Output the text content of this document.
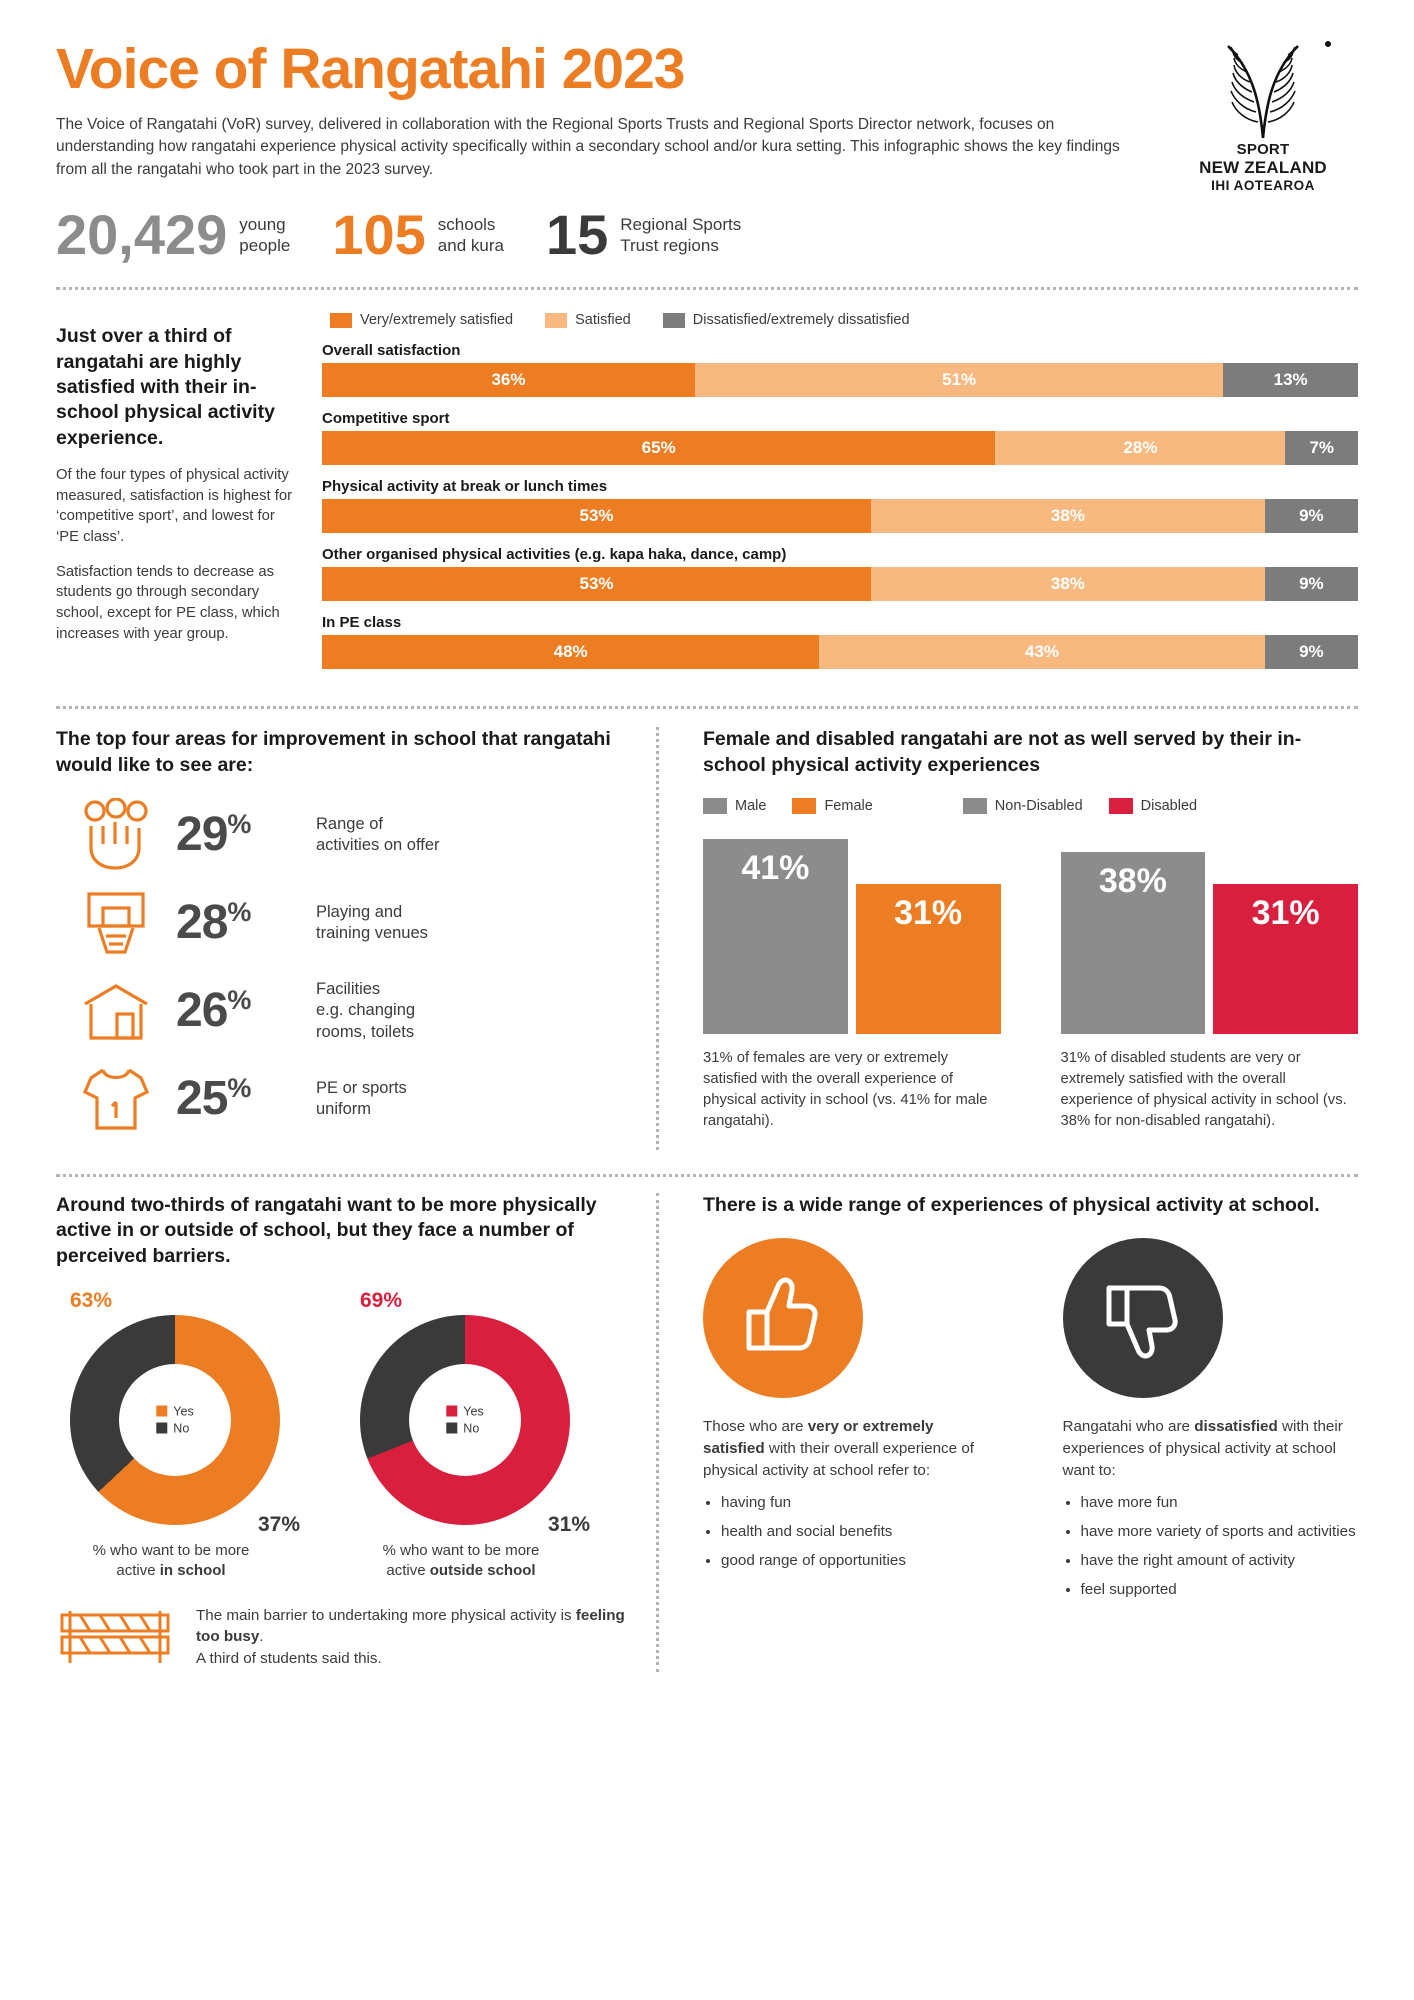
Voice of Rangatahi 2023
The Voice of Rangatahi (VoR) survey, delivered in collaboration with the Regional Sports Trusts and Regional Sports Director network, focuses on understanding how rangatahi experience physical activity specifically within a secondary school and/or kura setting. This infographic shows the key findings from all the rangatahi who took part in the 2023 survey.
SPORT
NEW ZEALAND
IHI AOTEAROA
20,429 young
people 105 schools
and kura 15 Regional Sports
Trust regions
Just over a third of rangatahi are highly satisfied with their in-school physical activity experience.

Of the four types of physical activity measured, satisfaction is highest for ‘competitive sport’, and lowest for ‘PE class’.

Satisfaction tends to decrease as students go through secondary school, except for PE class, which increases with year group.

Very/extremely satisfied	Satisfied	Dissatisfied/extremely dissatisfied
Overall satisfaction
36%	51%	13%
Competitive sport
65%	28%	7%
Physical activity at break or lunch times
53%	38%	9%
Other organised physical activities (e.g. kapa haka, dance, camp)
53%	38%	9%
In PE class
48%	43%	9%
The top four areas for improvement in school that rangatahi would like to see are:
29%	Range of
activities on offer
28%	Playing and
training venues
26%	Facilities
e.g. changing
rooms, toilets
25%	PE or sports
uniform
Female and disabled rangatahi are not as well served by their in-school physical activity experiences
Male	Female	Non-Disabled	Disabled
41%
31%
31% of females are very or extremely satisfied with the overall experience of physical activity in school (vs. 41% for male rangatahi).
38%
31%
31% of disabled students are very or extremely satisfied with the overall experience of physical activity in school (vs. 38% for non-disabled rangatahi).
Around two-thirds of rangatahi want to be more physically active in or outside of school, but they face a number of perceived barriers.
63%
Yes
No
37%
% who want to be more
active in school
69%
Yes
No
31%
% who want to be more
active outside school
The main barrier to undertaking more physical activity is feeling too busy.
A third of students said this.
There is a wide range of experiences of physical activity at school.
Those who are very or extremely satisfied with their overall experience of physical activity at school refer to:
• having fun
• health and social benefits
• good range of opportunities
Rangatahi who are dissatisfied with their experiences of physical activity at school want to:
• have more fun
• have more variety of sports and activities
• have the right amount of activity
• feel supported
